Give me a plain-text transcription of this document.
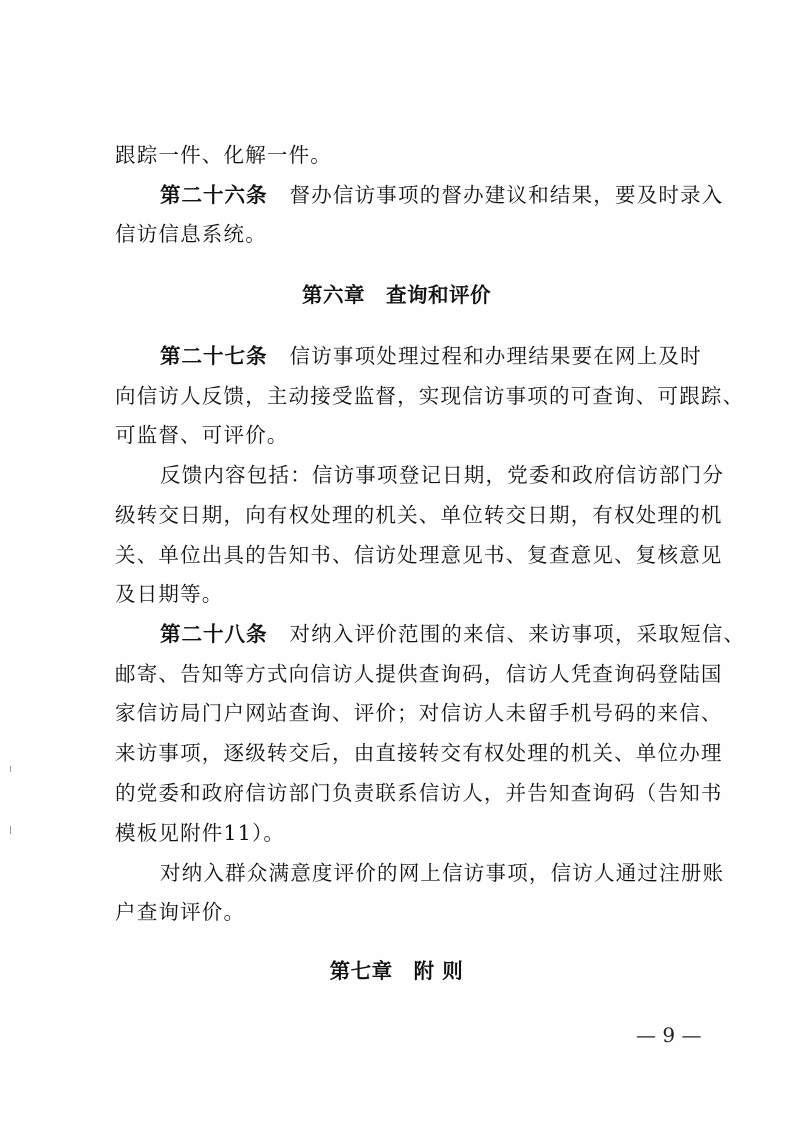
跟踪一件、化解一件。
第二十六条 督办信访事项的督办建议和结果，要及时录入
信访信息系统。
第六章　查询和评价
第二十七条 信访事项处理过程和办理结果要在网上及时
向信访人反馈，主动接受监督，实现信访事项的可查询、可跟踪、
可监督、可评价。
反馈内容包括：信访事项登记日期，党委和政府信访部门分
级转交日期，向有权处理的机关、单位转交日期，有权处理的机
关、单位出具的告知书、信访处理意见书、复查意见、复核意见
及日期等。
第二十八条 对纳入评价范围的来信、来访事项，采取短信、
邮寄、告知等方式向信访人提供查询码，信访人凭查询码登陆国
家信访局门户网站查询、评价；对信访人未留手机号码的来信、
来访事项，逐级转交后，由直接转交有权处理的机关、单位办理
的党委和政府信访部门负责联系信访人，并告知查询码（告知书
模板见附件11）。
对纳入群众满意度评价的网上信访事项，信访人通过注册账
户查询评价。
第七章　附 则
— 9 —
